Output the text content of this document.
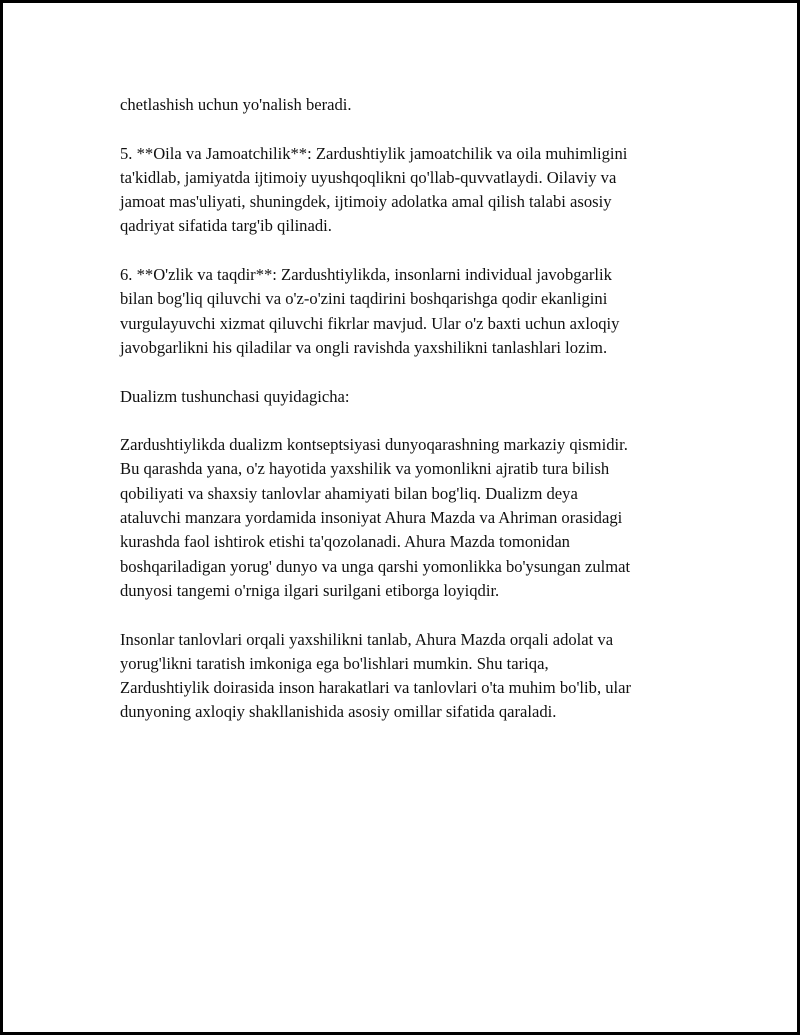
chetlashish uchun yo'nalish beradi.

5. **Oila va Jamoatchilik**: Zardushtiylik jamoatchilik va oila muhimligini
ta'kidlab, jamiyatda ijtimoiy uyushqoqlikni qo'llab-quvvatlaydi. Oilaviy va
jamoat mas'uliyati, shuningdek, ijtimoiy adolatka amal qilish talabi asosiy
qadriyat sifatida targ'ib qilinadi.

6. **O'zlik va taqdir**: Zardushtiylikda, insonlarni individual javobgarlik
bilan bog'liq qiluvchi va o'z-o'zini taqdirini boshqarishga qodir ekanligini
vurgulayuvchi xizmat qiluvchi fikrlar mavjud. Ular o'z baxti uchun axloqiy
javobgarlikni his qiladilar va ongli ravishda yaxshilikni tanlashlari lozim.

Dualizm tushunchasi quyidagicha:

Zardushtiylikda dualizm kontseptsiyasi dunyoqarashning markaziy qismidir.
Bu qarashda yana, o'z hayotida yaxshilik va yomonlikni ajratib tura bilish
qobiliyati va shaxsiy tanlovlar ahamiyati bilan bog'liq. Dualizm deya
ataluvchi manzara yordamida insoniyat Ahura Mazda va Ahriman orasidagi
kurashda faol ishtirok etishi ta'qozolanadi. Ahura Mazda tomonidan
boshqariladigan yorug' dunyo va unga qarshi yomonlikka bo'ysungan zulmat
dunyosi tangemi o'rniga ilgari surilgani etiborga loyiqdir.

Insonlar tanlovlari orqali yaxshilikni tanlab, Ahura Mazda orqali adolat va
yorug'likni taratish imkoniga ega bo'lishlari mumkin. Shu tariqa,
Zardushtiylik doirasida inson harakatlari va tanlovlari o'ta muhim bo'lib, ular
dunyoning axloqiy shakllanishida asosiy omillar sifatida qaraladi.
